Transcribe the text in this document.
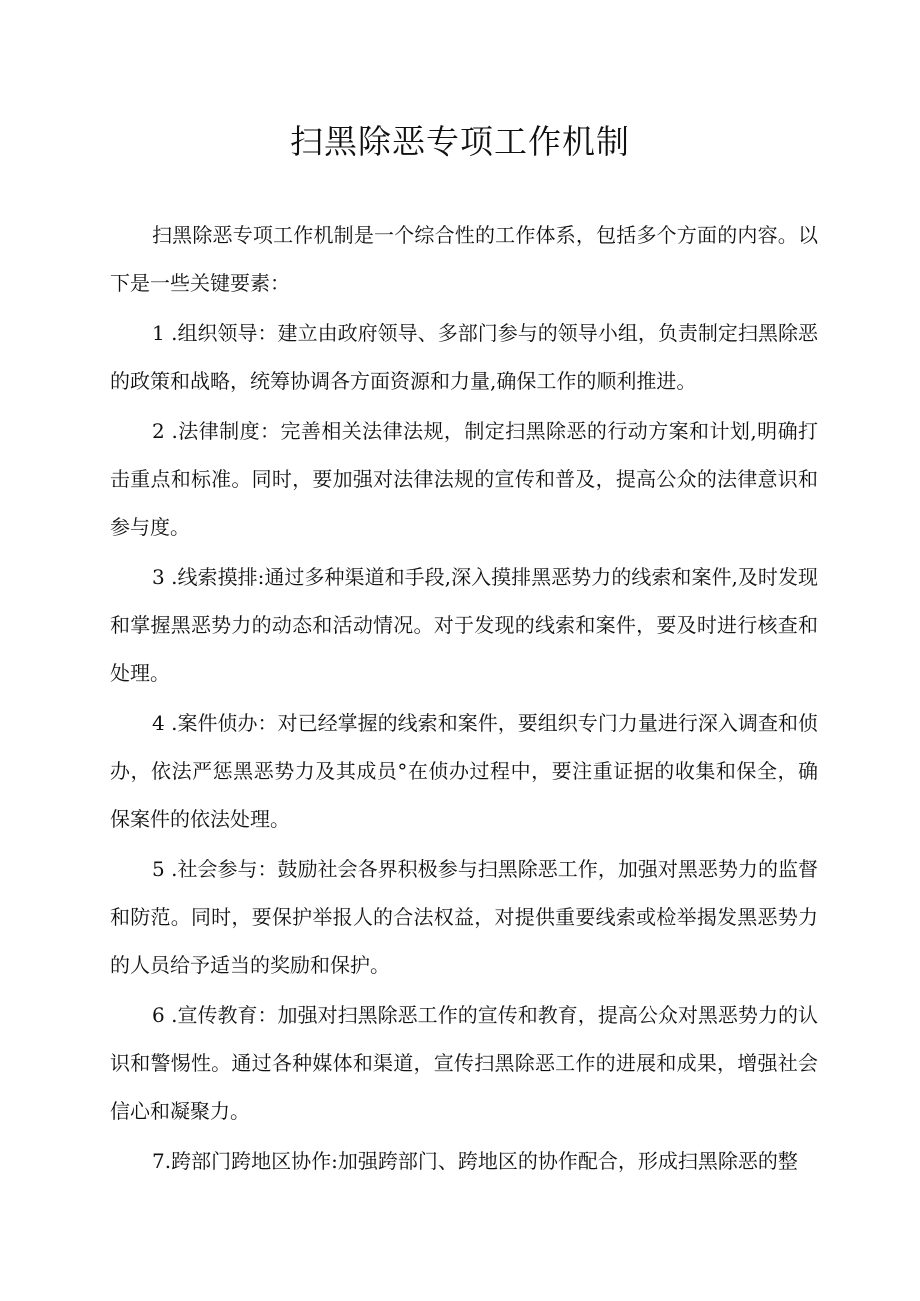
扫黑除恶专项工作机制

扫黑除恶专项工作机制是一个综合性的工作体系，包括多个方面的内容。以下是一些关键要素：

1 .组织领导：建立由政府领导、多部门参与的领导小组，负责制定扫黑除恶的政策和战略，统筹协调各方面资源和力量,确保工作的顺利推进。

2 .法律制度：完善相关法律法规，制定扫黑除恶的行动方案和计划,明确打击重点和标准。同时，要加强对法律法规的宣传和普及，提高公众的法律意识和参与度。

3 .线索摸排:通过多种渠道和手段,深入摸排黑恶势力的线索和案件,及时发现和掌握黑恶势力的动态和活动情况。对于发现的线索和案件，要及时进行核查和处理。

4 .案件侦办：对已经掌握的线索和案件，要组织专门力量进行深入调查和侦办，依法严惩黑恶势力及其成员°在侦办过程中，要注重证据的收集和保全，确保案件的依法处理。

5 .社会参与：鼓励社会各界积极参与扫黑除恶工作，加强对黑恶势力的监督和防范。同时，要保护举报人的合法权益，对提供重要线索或检举揭发黑恶势力的人员给予适当的奖励和保护。

6 .宣传教育：加强对扫黑除恶工作的宣传和教育，提高公众对黑恶势力的认识和警惕性。通过各种媒体和渠道，宣传扫黑除恶工作的进展和成果，增强社会信心和凝聚力。

7.跨部门跨地区协作:加强跨部门、跨地区的协作配合，形成扫黑除恶的整
